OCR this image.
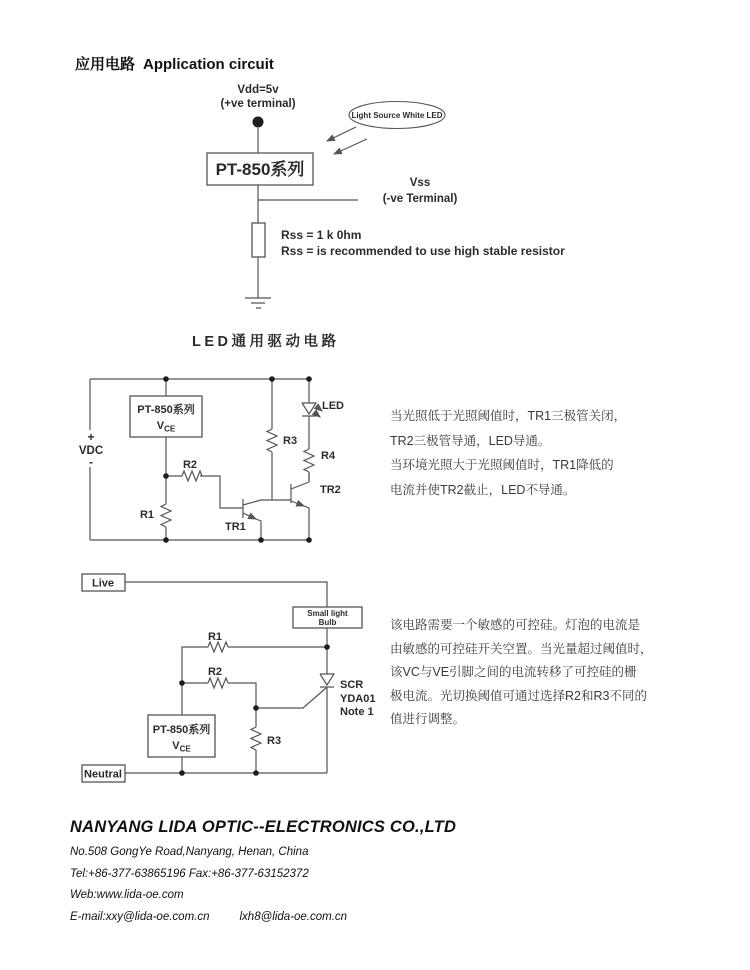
应用电路 Application circuit
Vdd=5v
(+ve terminal)
Light Source White LED
PT-850系列
Vss
(-ve Terminal)
Rss = 1 k 0hm
Rss = is recommended to use high stable resistor
LED通用驱动电路
+
VDC
-
PT-850系列
$V_{CE}$
R1
R2
TR1
R3
LED
R4
TR2
当光照低于光照阈值时，TR1三极管关闭，
TR2三极管导通，LED导通。
当环境光照大于光照阈值时，TR1降低的
电流并使TR2截止，LED不导通。
Live
Small light
Bulb
R1
R2
SCR
YDA01
Note 1
R3
PT-850系列
$V_{CE}$
Neutral
该电路需要一个敏感的可控硅。灯泡的电流是
由敏感的可控硅开关空置。当光量超过阈值时，
该VC与VE引脚之间的电流转移了可控硅的栅
极电流。光切换阈值可通过选择R2和R3不同的
值进行调整。
NANYANG LIDA OPTIC--ELECTRONICS CO.,LTD
No.508 GongYe Road,Nanyang, Henan, China
Tel:+86-377-63865196 Fax:+86-377-63152372
Web:www.lida-oe.com
E-mail:xxy@lida-oe.com.cn	lxh8@lida-oe.com.cn
